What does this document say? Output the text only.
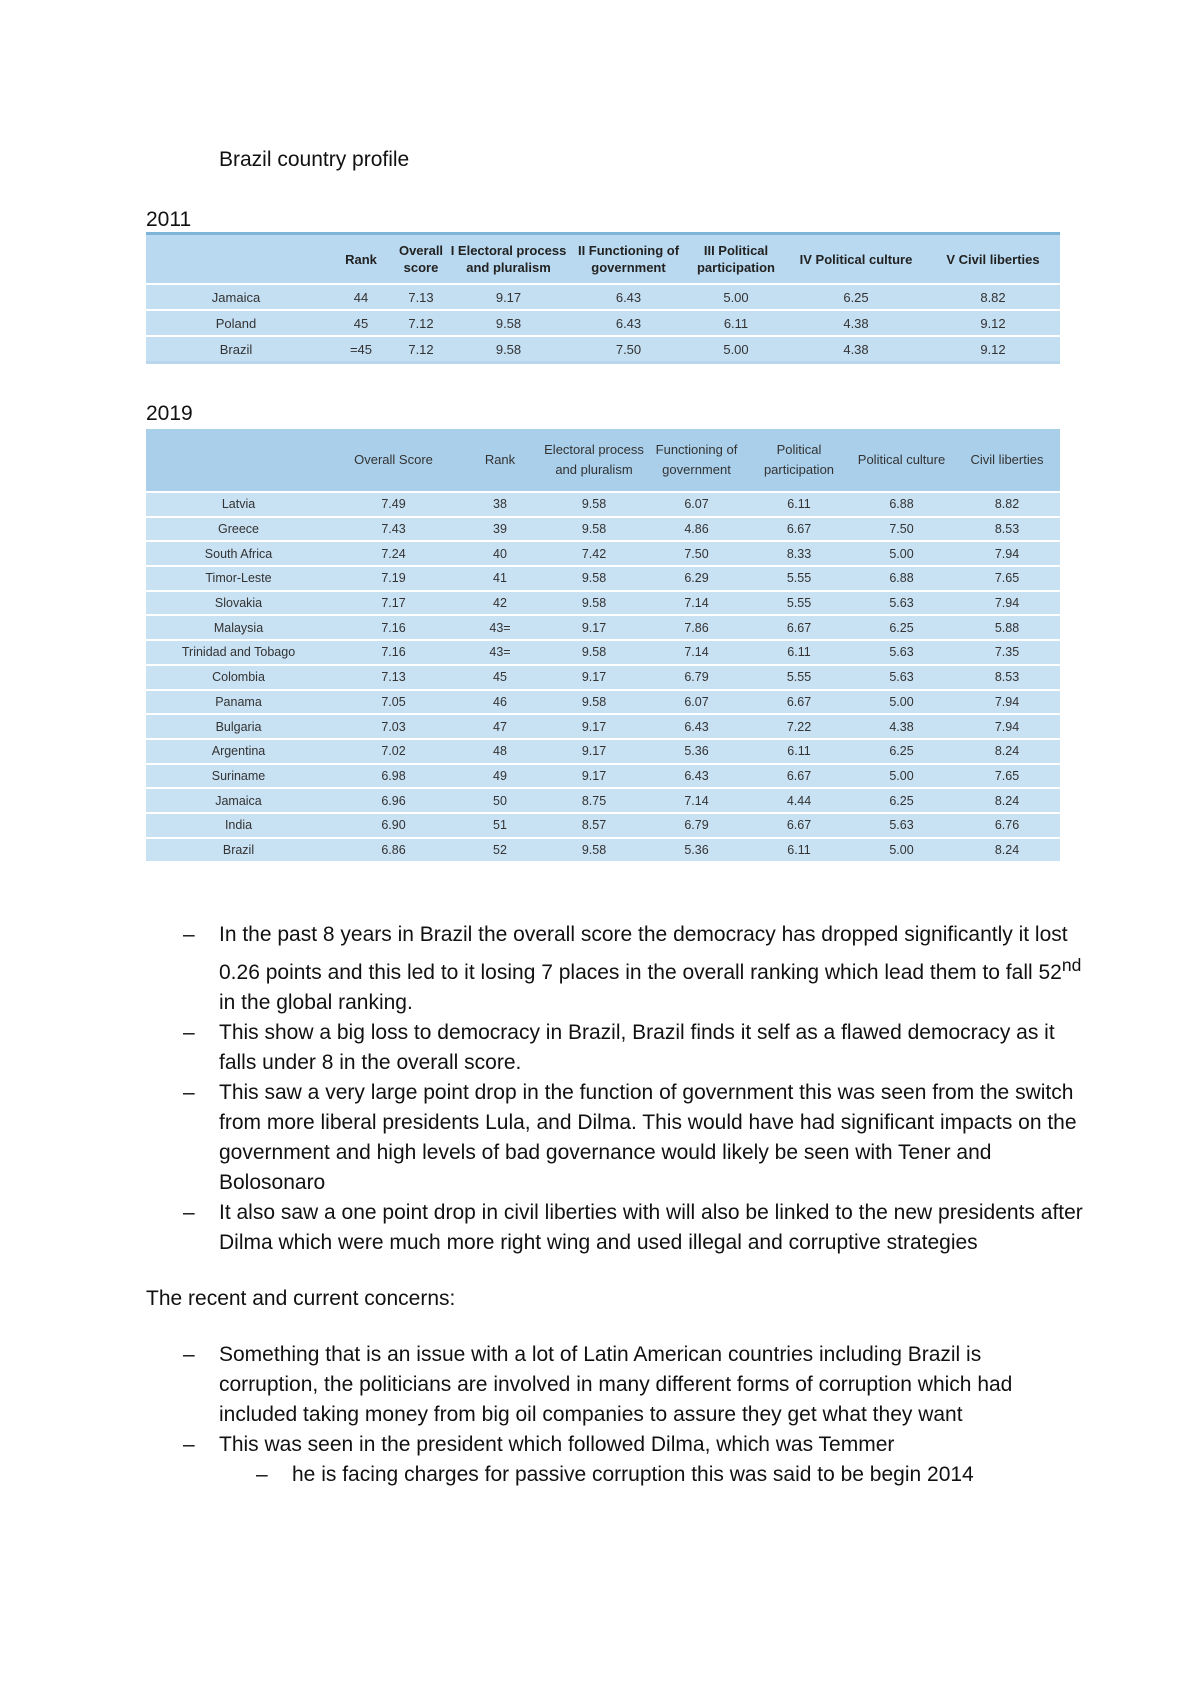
Brazil country profile
2011
	Rank	Overall score	I Electoral process and pluralism	II Functioning of government	III Political participation	IV Political culture	V Civil liberties
Jamaica	44	7.13	9.17	6.43	5.00	6.25	8.82
Poland	45	7.12	9.58	6.43	6.11	4.38	9.12
Brazil	=45	7.12	9.58	7.50	5.00	4.38	9.12
2019
	Overall Score	Rank	Electoral process and pluralism	Functioning of government	Political participation	Political culture	Civil liberties
Latvia	7.49	38	9.58	6.07	6.11	6.88	8.82
Greece	7.43	39	9.58	4.86	6.67	7.50	8.53
South Africa	7.24	40	7.42	7.50	8.33	5.00	7.94
Timor-Leste	7.19	41	9.58	6.29	5.55	6.88	7.65
Slovakia	7.17	42	9.58	7.14	5.55	5.63	7.94
Malaysia	7.16	43=	9.17	7.86	6.67	6.25	5.88
Trinidad and Tobago	7.16	43=	9.58	7.14	6.11	5.63	7.35
Colombia	7.13	45	9.17	6.79	5.55	5.63	8.53
Panama	7.05	46	9.58	6.07	6.67	5.00	7.94
Bulgaria	7.03	47	9.17	6.43	7.22	4.38	7.94
Argentina	7.02	48	9.17	5.36	6.11	6.25	8.24
Suriname	6.98	49	9.17	6.43	6.67	5.00	7.65
Jamaica	6.96	50	8.75	7.14	4.44	6.25	8.24
India	6.90	51	8.57	6.79	6.67	5.63	6.76
Brazil	6.86	52	9.58	5.36	6.11	5.00	8.24
– In the past 8 years in Brazil the overall score the democracy has dropped significantly it lost 0.26 points and this led to it losing 7 places in the overall ranking which lead them to fall 52nd in the global ranking.
– This show a big loss to democracy in Brazil, Brazil finds it self as a flawed democracy as it falls under 8 in the overall score.
– This saw a very large point drop in the function of government this was seen from the switch from more liberal presidents Lula, and Dilma. This would have had significant impacts on the government and high levels of bad governance would likely be seen with Tener and Bolosonaro
– It also saw a one point drop in civil liberties with will also be linked to the new presidents after Dilma which were much more right wing and used illegal and corruptive strategies
The recent and current concerns:
– Something that is an issue with a lot of Latin American countries including Brazil is corruption, the politicians are involved in many different forms of corruption which had included taking money from big oil companies to assure they get what they want
– This was seen in the president which followed Dilma, which was Temmer
– he is facing charges for passive corruption this was said to be begin 2014
